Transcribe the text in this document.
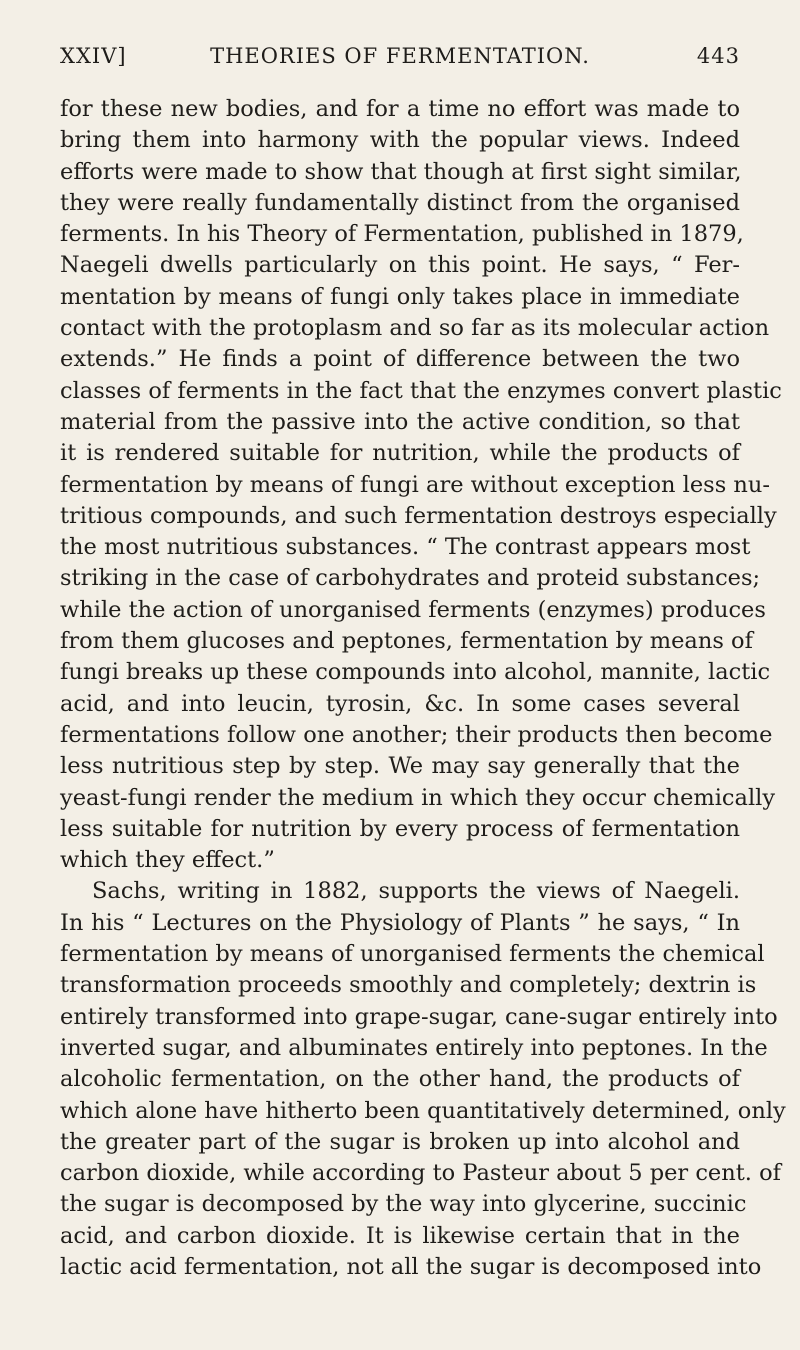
XXIV]	THEORIES OF FERMENTATION.	443
for these new bodies, and for a time no effort was made to
bring them into harmony with the popular views. Indeed
efforts were made to show that though at first sight similar,
they were really fundamentally distinct from the organised
ferments. In his Theory of Fermentation, published in 1879,
Naegeli dwells particularly on this point. He says, “ Fer-
mentation by means of fungi only takes place in immediate
contact with the protoplasm and so far as its molecular action
extends.” He finds a point of difference between the two
classes of ferments in the fact that the enzymes convert plastic
material from the passive into the active condition, so that
it is rendered suitable for nutrition, while the products of
fermentation by means of fungi are without exception less nu-
tritious compounds, and such fermentation destroys especially
the most nutritious substances. “ The contrast appears most
striking in the case of carbohydrates and proteid substances;
while the action of unorganised ferments (enzymes) produces
from them glucoses and peptones, fermentation by means of
fungi breaks up these compounds into alcohol, mannite, lactic
acid, and into leucin, tyrosin, &c. In some cases several
fermentations follow one another; their products then become
less nutritious step by step. We may say generally that the
yeast-fungi render the medium in which they occur chemically
less suitable for nutrition by every process of fermentation
which they effect.”
Sachs, writing in 1882, supports the views of Naegeli.
In his “ Lectures on the Physiology of Plants ” he says, “ In
fermentation by means of unorganised ferments the chemical
transformation proceeds smoothly and completely; dextrin is
entirely transformed into grape-sugar, cane-sugar entirely into
inverted sugar, and albuminates entirely into peptones. In the
alcoholic fermentation, on the other hand, the products of
which alone have hitherto been quantitatively determined, only
the greater part of the sugar is broken up into alcohol and
carbon dioxide, while according to Pasteur about 5 per cent. of
the sugar is decomposed by the way into glycerine, succinic
acid, and carbon dioxide. It is likewise certain that in the
lactic acid fermentation, not all the sugar is decomposed into
